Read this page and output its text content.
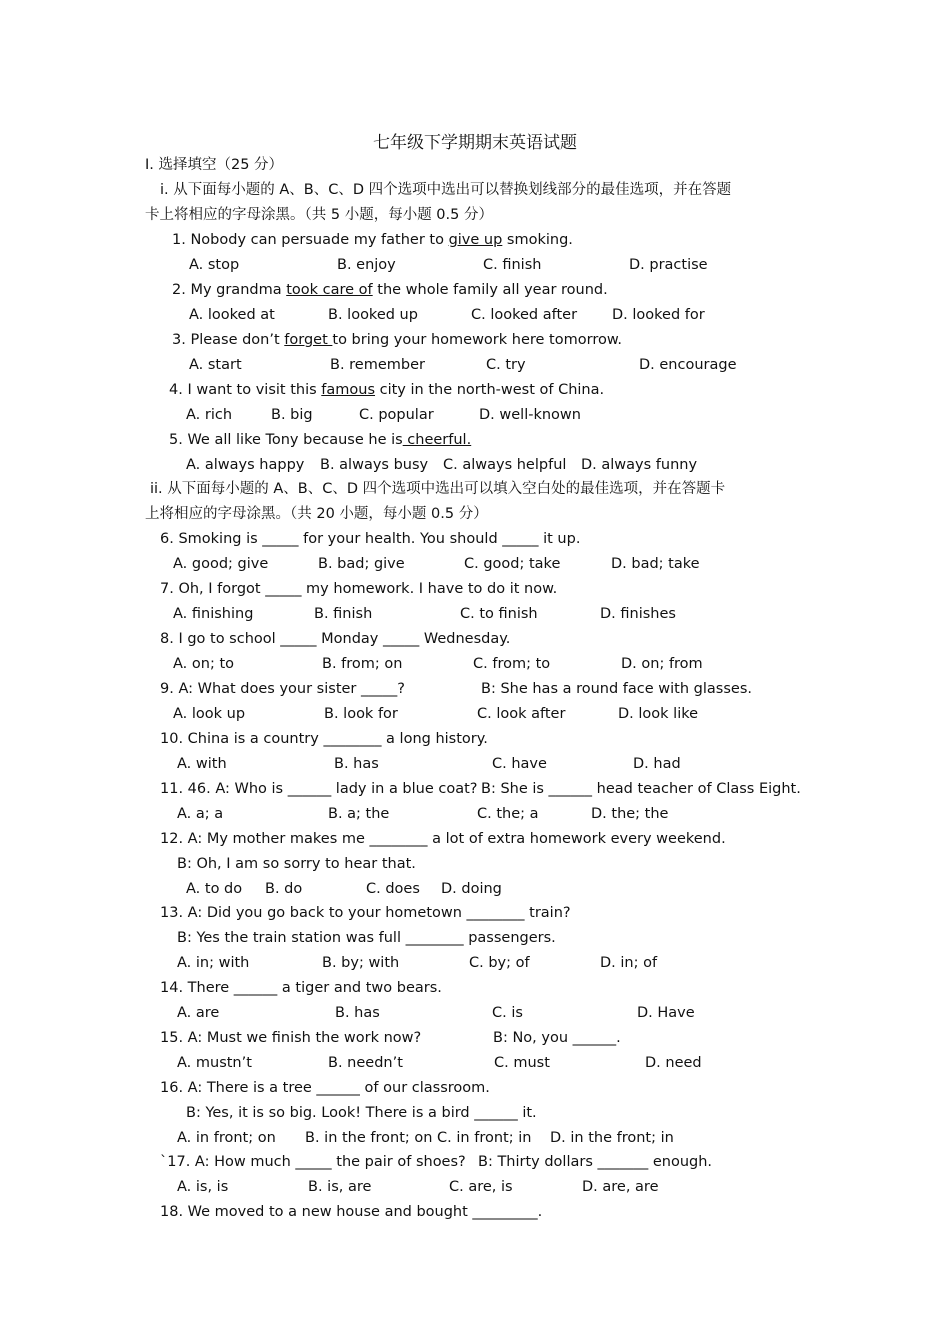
七年级下学期期末英语试题
I. 选择填空（25 分）
i. 从下面每小题的 A、B、C、D 四个选项中选出可以替换划线部分的最佳选项，并在答题
卡上将相应的字母涂黑。（共 5 小题，每小题 0.5 分）
1. Nobody can persuade my father to give up smoking.
A. stop	B. enjoy	C. finish	D. practise
2. My grandma took care of the whole family all year round.
A. looked at	B. looked up	C. looked after D. looked for
3. Please don’t forget to bring your homework here tomorrow.
A. start	B. remember	C. try	D. encourage
4. I want to visit this famous city in the north-west of China.
A. rich	B. big	C. popular	D. well-known
5. We all like Tony because he is cheerful.
A. always happy B. always busy C. always helpful D. always funny
ii. 从下面每小题的 A、B、C、D 四个选项中选出可以填入空白处的最佳选项，并在答题卡
上将相应的字母涂黑。（共 20 小题，每小题 0.5 分）
6. Smoking is _____ for your health. You should _____ it up.
A. good; give	B. bad; give	C. good; take	D. bad; take
7. Oh, I forgot _____ my homework. I have to do it now.
A. finishing	B. finish	C. to finish	D. finishes
8. I go to school _____ Monday _____ Wednesday.
A. on; to	B. from; on	C. from; to	D. on; from
9. A: What does your sister _____?	B: She has a round face with glasses.
A. look up	B. look for	C. look after	D. look like
10. China is a country ________ a long history.
A. with	B. has	C. have	D. had
11. 46. A: Who is ______ lady in a blue coat? B: She is ______ head teacher of Class Eight.
A. a; a	B. a; the	C. the; a	D. the; the
12. A: My mother makes me ________ a lot of extra homework every weekend.
B: Oh, I am so sorry to hear that.
A. to do B. do	C. does D. doing
13. A: Did you go back to your hometown ________ train?
B: Yes the train station was full ________ passengers.
A. in; with	B. by; with	C. by; of	D. in; of
14. There ______ a tiger and two bears.
A. are	B. has	C. is	D. Have
15. A: Must we finish the work now?	B: No, you ______.
A. mustn’t	B. needn’t	C. must	D. need
16. A: There is a tree ______ of our classroom.
B: Yes, it is so big. Look! There is a bird ______ it.
A. in front; on B. in the front; on C. in front; in D. in the front; in
`17. A: How much _____ the pair of shoes? B: Thirty dollars _______ enough.
A. is, is	B. is, are	C. are, is	D. are, are
18. We moved to a new house and bought _________.
